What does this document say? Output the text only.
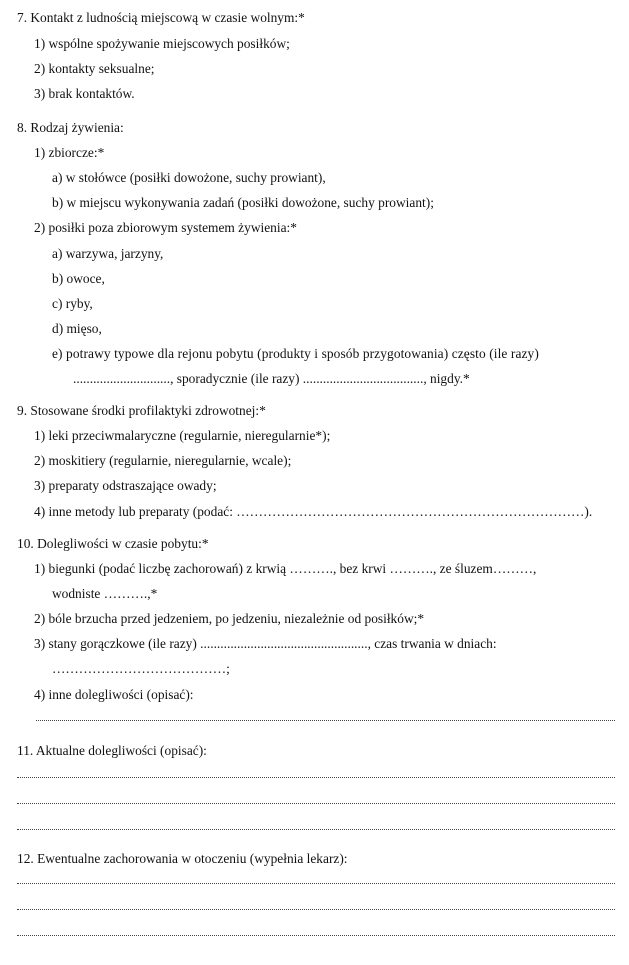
7. Kontakt z ludnością miejscową w czasie wolnym:*
1) wspólne spożywanie miejscowych posiłków;
2) kontakty seksualne;
3) brak kontaktów.
8. Rodzaj żywienia:
1) zbiorcze:*
a) w stołówce (posiłki dowożone, suchy prowiant),
b) w miejscu wykonywania zadań (posiłki dowożone, suchy prowiant);
2) posiłki poza zbiorowym systemem żywienia:*
a) warzywa, jarzyny,
b) owoce,
c) ryby,
d) mięso,
e) potrawy typowe dla rejonu pobytu (produkty i sposób przygotowania) często (ile razy)
............................., sporadycznie (ile razy) ...................................., nigdy.*
9. Stosowane środki profilaktyki zdrowotnej:*
1) leki przeciwmalaryczne (regularnie, nieregularnie*);
2) moskitiery (regularnie, nieregularnie, wcale);
3) preparaty odstraszające owady;
4) inne metody lub preparaty (podać: ……………………………………………………………………).
10. Dolegliwości w czasie pobytu:*
1) biegunki (podać liczbę zachorowań) z krwią ………., bez krwi ………., ze śluzem………,
wodniste ……….,*
2) bóle brzucha przed jedzeniem, po jedzeniu, niezależnie od posiłków;*
3) stany gorączkowe (ile razy) .................................................., czas trwania w dniach:
…………………………………;
4) inne dolegliwości (opisać):
11. Aktualne dolegliwości (opisać):
12. Ewentualne zachorowania w otoczeniu (wypełnia lekarz):
